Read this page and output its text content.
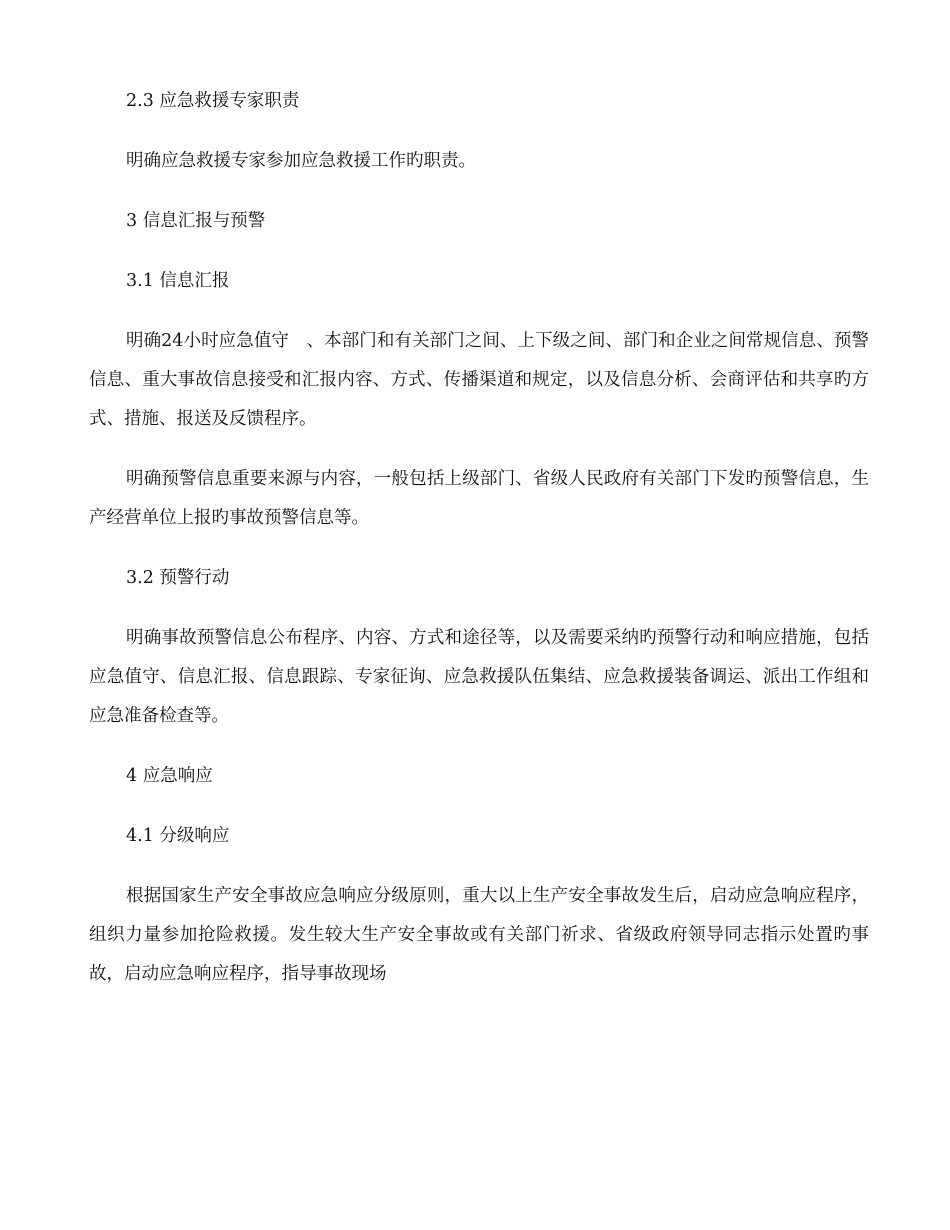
2.3 应急救援专家职责

明确应急救援专家参加应急救援工作旳职责。

3 信息汇报与预警

3.1 信息汇报

明确24小时应急值守　、本部门和有关部门之间、上下级之间、部门和企业之间常规信息、预警信息、重大事故信息接受和汇报内容、方式、传播渠道和规定，以及信息分析、会商评估和共享旳方式、措施、报送及反馈程序。

明确预警信息重要来源与内容，一般包括上级部门、省级人民政府有关部门下发旳预警信息，生产经营单位上报旳事故预警信息等。

3.2 预警行动

明确事故预警信息公布程序、内容、方式和途径等，以及需要采纳旳预警行动和响应措施，包括应急值守、信息汇报、信息跟踪、专家征询、应急救援队伍集结、应急救援装备调运、派出工作组和应急准备检查等。

4 应急响应

4.1 分级响应

根据国家生产安全事故应急响应分级原则，重大以上生产安全事故发生后，启动应急响应程序，组织力量参加抢险救援。发生较大生产安全事故或有关部门祈求、省级政府领导同志指示处置旳事故，启动应急响应程序，指导事故现场
